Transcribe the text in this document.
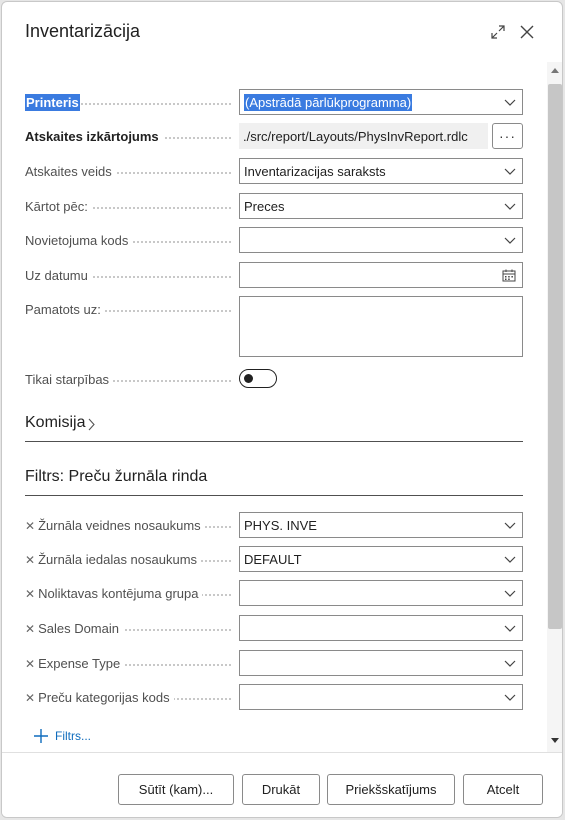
Inventarizācija
Printeris	(Apstrādā pārlūkprogramma)
Atskaites izkārtojums	./src/report/Layouts/PhysInvReport.rdlc	···
Atskaites veids	Inventarizacijas saraksts
Kārtot pēc:	Preces
Novietojuma kods
Uz datumu
Pamatots uz:
Tikai starpības
Komisija
Filtrs: Preču žurnāla rinda
✕ Žurnāla veidnes nosaukums	PHYS. INVE
✕ Žurnāla iedalas nosaukums	DEFAULT
✕ Noliktavas kontējuma grupa
✕ Sales Domain
✕ Expense Type
✕ Preču kategorijas kods
Filtrs...
Sūtīt (kam)...	Drukāt	Priekšskatījums	Atcelt
